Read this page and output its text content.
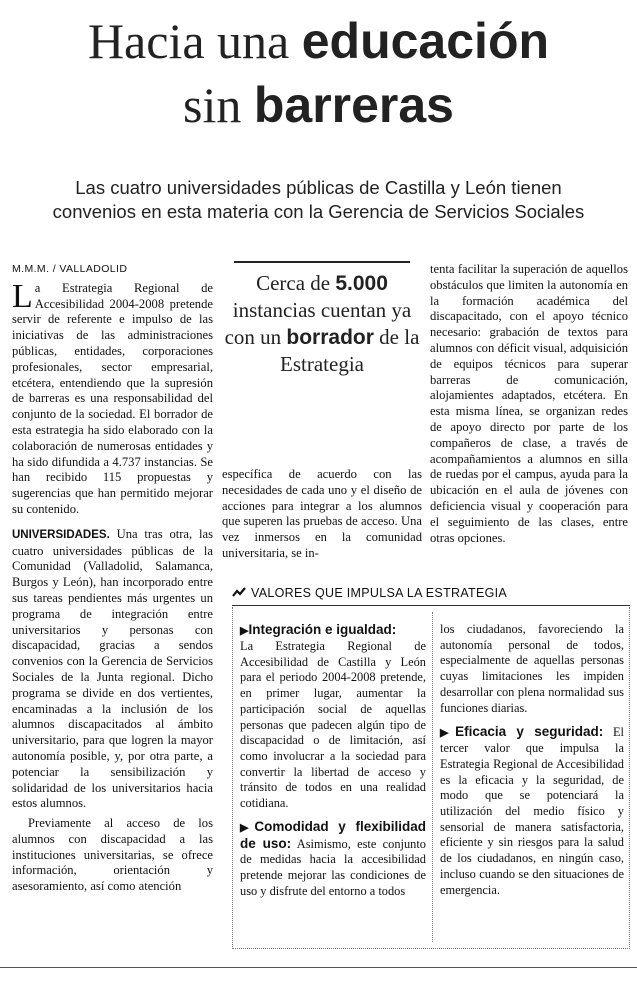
Hacia una educación
sin barreras
Las cuatro universidades públicas de Castilla y León tienen
convenios en esta materia con la Gerencia de Servicios Sociales
M.M.M. / VALLADOLID

La Estrategia Regional de Accesibilidad 2004-2008 pretende servir de referente e impulso de las iniciativas de las administraciones públicas, entidades, corporaciones profesionales, sector empresarial, etcétera, entendiendo que la supresión de barreras es una responsabilidad del conjunto de la sociedad. El borrador de esta estrategia ha sido elaborado con la colaboración de numerosas entidades y ha sido difundida a 4.737 instancias. Se han recibido 115 propuestas y sugerencias que han permitido mejorar su contenido.

UNIVERSIDADES. Una tras otra, las cuatro universidades públicas de la Comunidad (Valladolid, Salamanca, Burgos y León), han incorporado entre sus tareas pendientes más urgentes un programa de integración entre universitarios y personas con discapacidad, gracias a sendos convenios con la Gerencia de Servicios Sociales de la Junta regional. Dicho programa se divide en dos vertientes, encaminadas a la inclusión de los alumnos discapacitados al ámbito universitario, para que logren la mayor autonomía posible, y, por otra parte, a potenciar la sensibilización y solidaridad de los universitarios hacia estos alumnos.

Previamente al acceso de los alumnos con discapacidad a las instituciones universitarias, se ofrece información, orientación y asesoramiento, así como atención

Cerca de 5.000 instancias cuentan ya con un borrador de la Estrategia

específica de acuerdo con las necesidades de cada uno y el diseño de acciones para integrar a los alumnos que superen las pruebas de acceso. Una vez inmersos en la comunidad universitaria, se in-

tenta facilitar la superación de aquellos obstáculos que limiten la autonomía en la formación académica del discapacitado, con el apoyo técnico necesario: grabación de textos para alumnos con déficit visual, adquisición de equipos técnicos para superar barreras de comunicación, alojamientes adaptados, etcétera. En esta misma línea, se organizan redes de apoyo directo por parte de los compañeros de clase, a través de acompañamientos a alumnos en silla de ruedas por el campus, ayuda para la ubicación en el aula de jóvenes con deficiencia visual y cooperación para el seguimiento de las clases, entre otras opciones.

VALORES QUE IMPULSA LA ESTRATEGIA
▶Integración e igualdad:

La Estrategia Regional de Accesibilidad de Castilla y León para el periodo 2004-2008 pretende, en primer lugar, aumentar la participación social de aquellas personas que padecen algún tipo de discapacidad o de limitación, así como involucrar a la sociedad para convertir la libertad de acceso y tránsito de todos en una realidad cotidiana.

▶Comodidad y flexibilidad de uso: Asimismo, este conjunto de medidas hacia la accesibilidad pretende mejorar las condiciones de uso y disfrute del entorno a todos

los ciudadanos, favoreciendo la autonomía personal de todos, especialmente de aquellas personas cuyas limitaciones les impiden desarrollar con plena normalidad sus funciones diarias.

▶Eficacia y seguridad: El tercer valor que impulsa la Estrategia Regional de Accesibilidad es la eficacia y la seguridad, de modo que se potenciará la utilización del medio físico y sensorial de manera satisfactoria, eficiente y sin riesgos para la salud de los ciudadanos, en ningún caso, incluso cuando se den situaciones de emergencia.
